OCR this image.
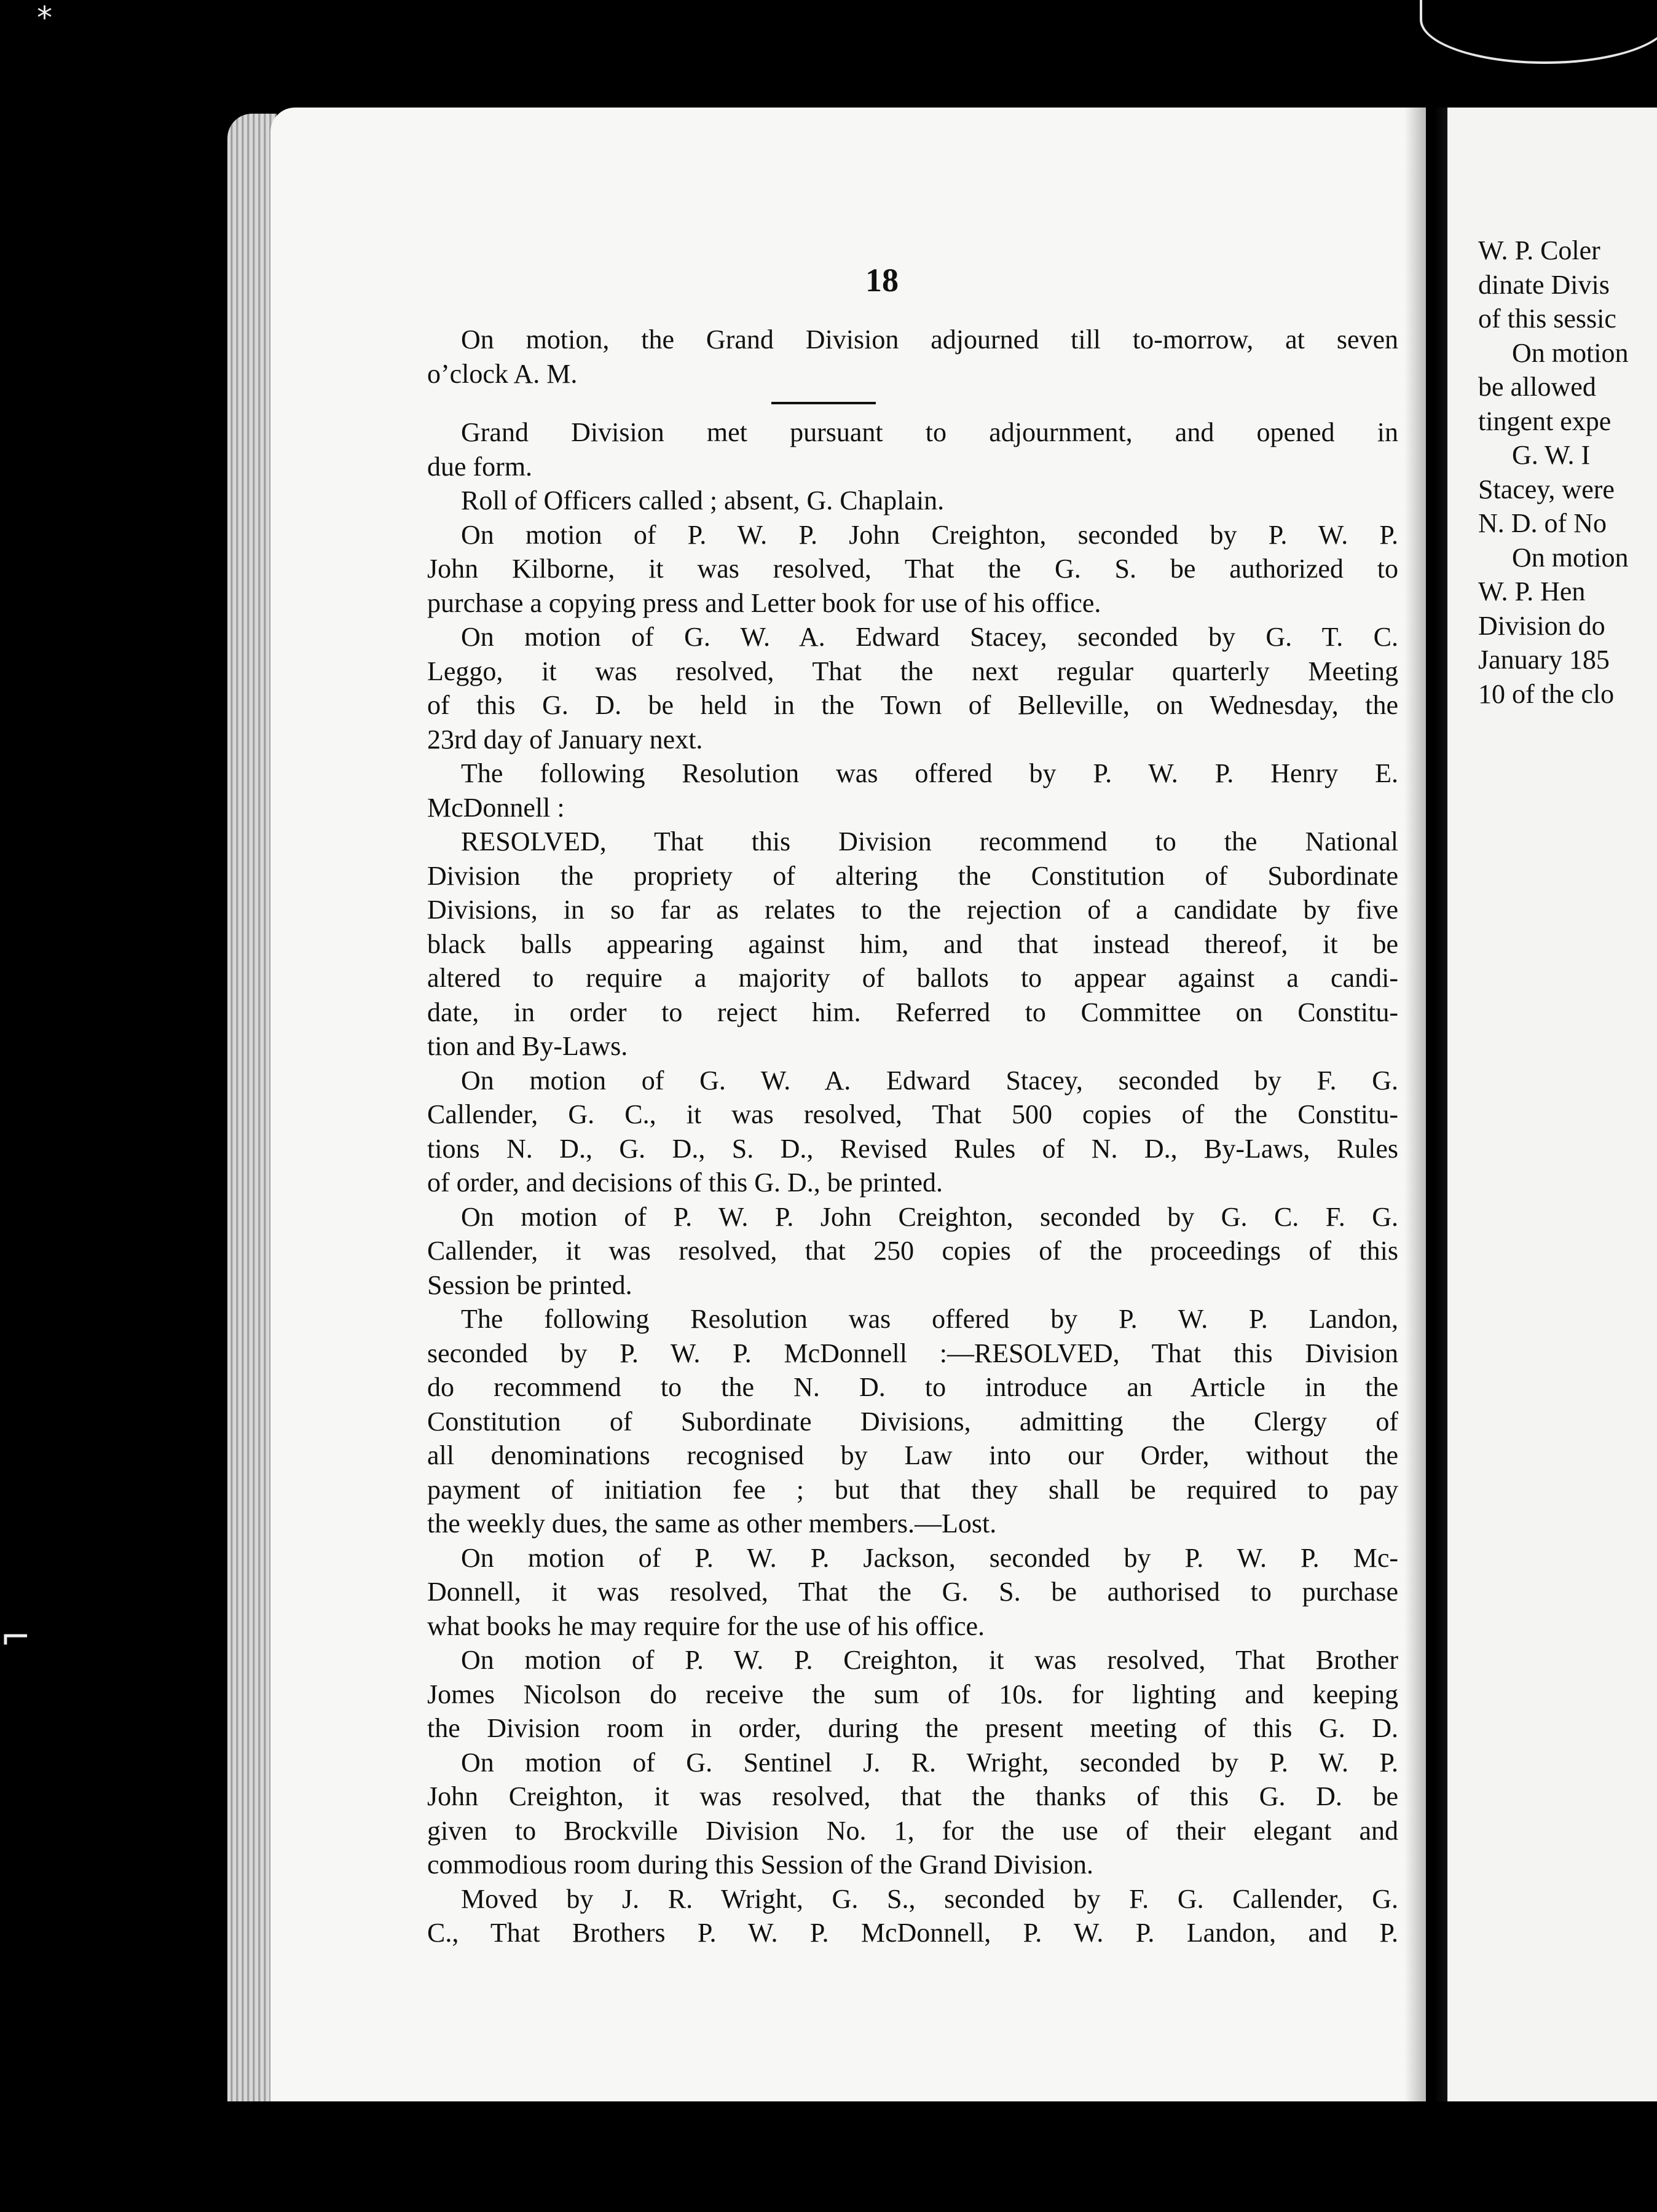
W. P. Coler

dinate Divis

of this sessic

On motion

be allowed

tingent expe

G. W. I

Stacey, were

N. D. of No

On motion

W. P. Hen

Division do

January 185

10 of the clo

18

On motion, the Grand Division adjourned till to-morrow, at seven

o’clock A. M.

Grand Division met pursuant to adjournment, and opened in

due form.

Roll of Officers called ; absent, G. Chaplain.

On motion of P. W. P. John Creighton, seconded by P. W. P.

John Kilborne, it was resolved, That the G. S. be authorized to

purchase a copying press and Letter book for use of his office.

On motion of G. W. A. Edward Stacey, seconded by G. T. C.

Leggo, it was resolved, That the next regular quarterly Meeting

of this G. D. be held in the Town of Belleville, on Wednesday, the

23rd day of January next.

The following Resolution was offered by P. W. P. Henry E.

McDonnell :

RESOLVED, That this Division recommend to the National

Division the propriety of altering the Constitution of Subordinate

Divisions, in so far as relates to the rejection of a candidate by five

black balls appearing against him, and that instead thereof, it be

altered to require a majority of ballots to appear against a candi-

date, in order to reject him. Referred to Committee on Constitu-

tion and By-Laws.

On motion of G. W. A. Edward Stacey, seconded by F. G.

Callender, G. C., it was resolved, That 500 copies of the Constitu-

tions N. D., G. D., S. D., Revised Rules of N. D., By-Laws, Rules

of order, and decisions of this G. D., be printed.

On motion of P. W. P. John Creighton, seconded by G. C. F. G.

Callender, it was resolved, that 250 copies of the proceedings of this

Session be printed.

The following Resolution was offered by P. W. P. Landon,

seconded by P. W. P. McDonnell :—RESOLVED, That this Division

do recommend to the N. D. to introduce an Article in the

Constitution of Subordinate Divisions, admitting the Clergy of

all denominations recognised by Law into our Order, without the

payment of initiation fee ; but that they shall be required to pay

the weekly dues, the same as other members.—Lost.

On motion of P. W. P. Jackson, seconded by P. W. P. Mc-

Donnell, it was resolved, That the G. S. be authorised to purchase

what books he may require for the use of his office.

On motion of P. W. P. Creighton, it was resolved, That Brother

Jomes Nicolson do receive the sum of 10s. for lighting and keeping

the Division room in order, during the present meeting of this G. D.

On motion of G. Sentinel J. R. Wright, seconded by P. W. P.

John Creighton, it was resolved, that the thanks of this G. D. be

given to Brockville Division No. 1, for the use of their elegant and

commodious room during this Session of the Grand Division.

Moved by J. R. Wright, G. S., seconded by F. G. Callender, G.

C., That Brothers P. W. P. McDonnell, P. W. P. Landon, and P.

*
⌐
